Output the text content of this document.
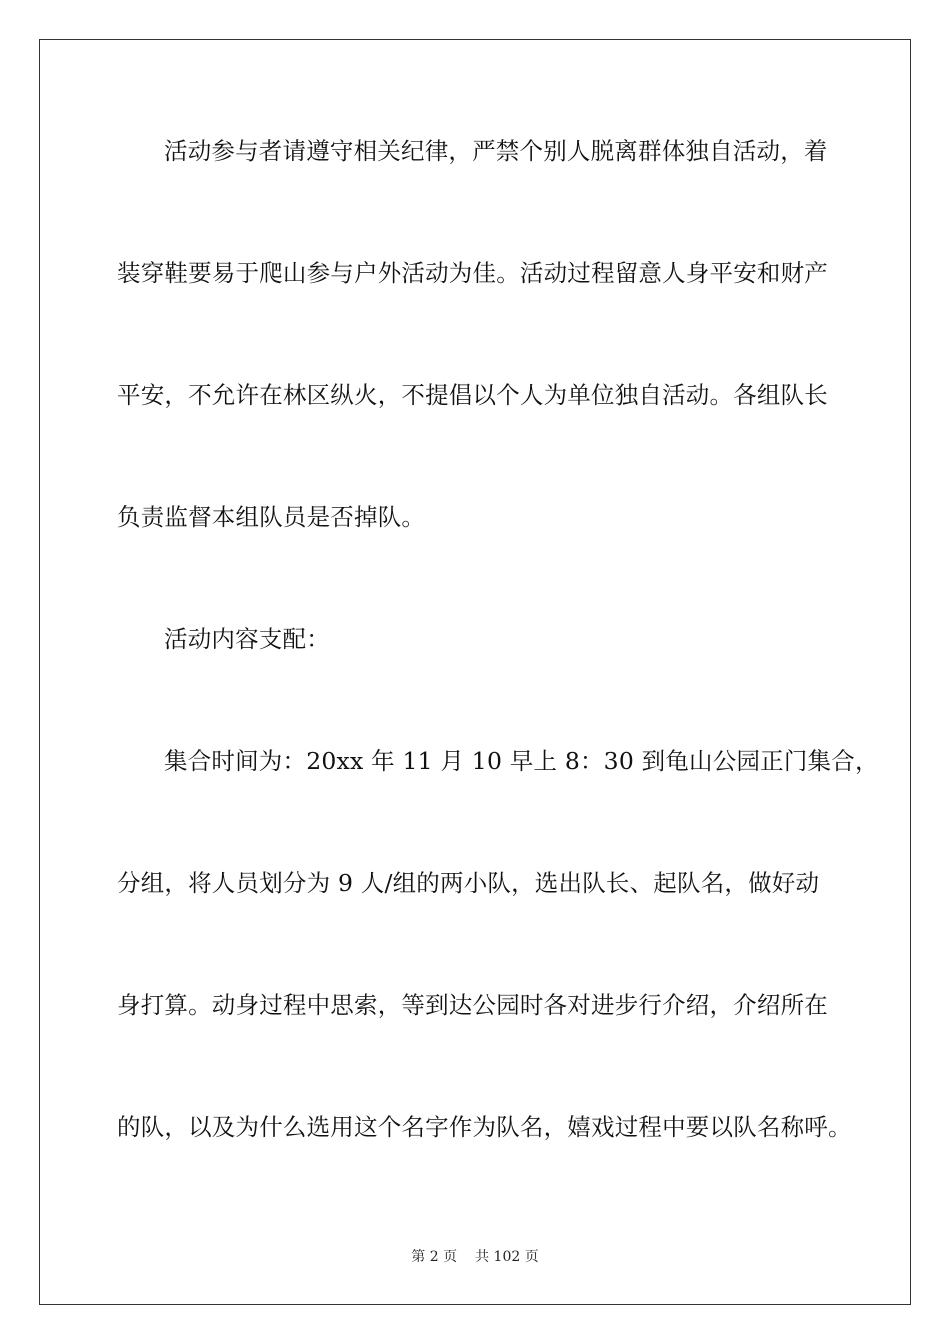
活动参与者请遵守相关纪律，严禁个别人脱离群体独自活动，着
装穿鞋要易于爬山参与户外活动为佳。活动过程留意人身平安和财产
平安，不允许在林区纵火，不提倡以个人为单位独自活动。各组队长
负责监督本组队员是否掉队。
活动内容支配：
集合时间为：20xx 年 11 月 10 早上 8：30 到龟山公园正门集合，
分组，将人员划分为 9 人/组的两小队，选出队长、起队名，做好动
身打算。动身过程中思索，等到达公园时各对进步行介绍，介绍所在
的队，以及为什么选用这个名字作为队名，嬉戏过程中要以队名称呼。
第 2 页 共 102 页
